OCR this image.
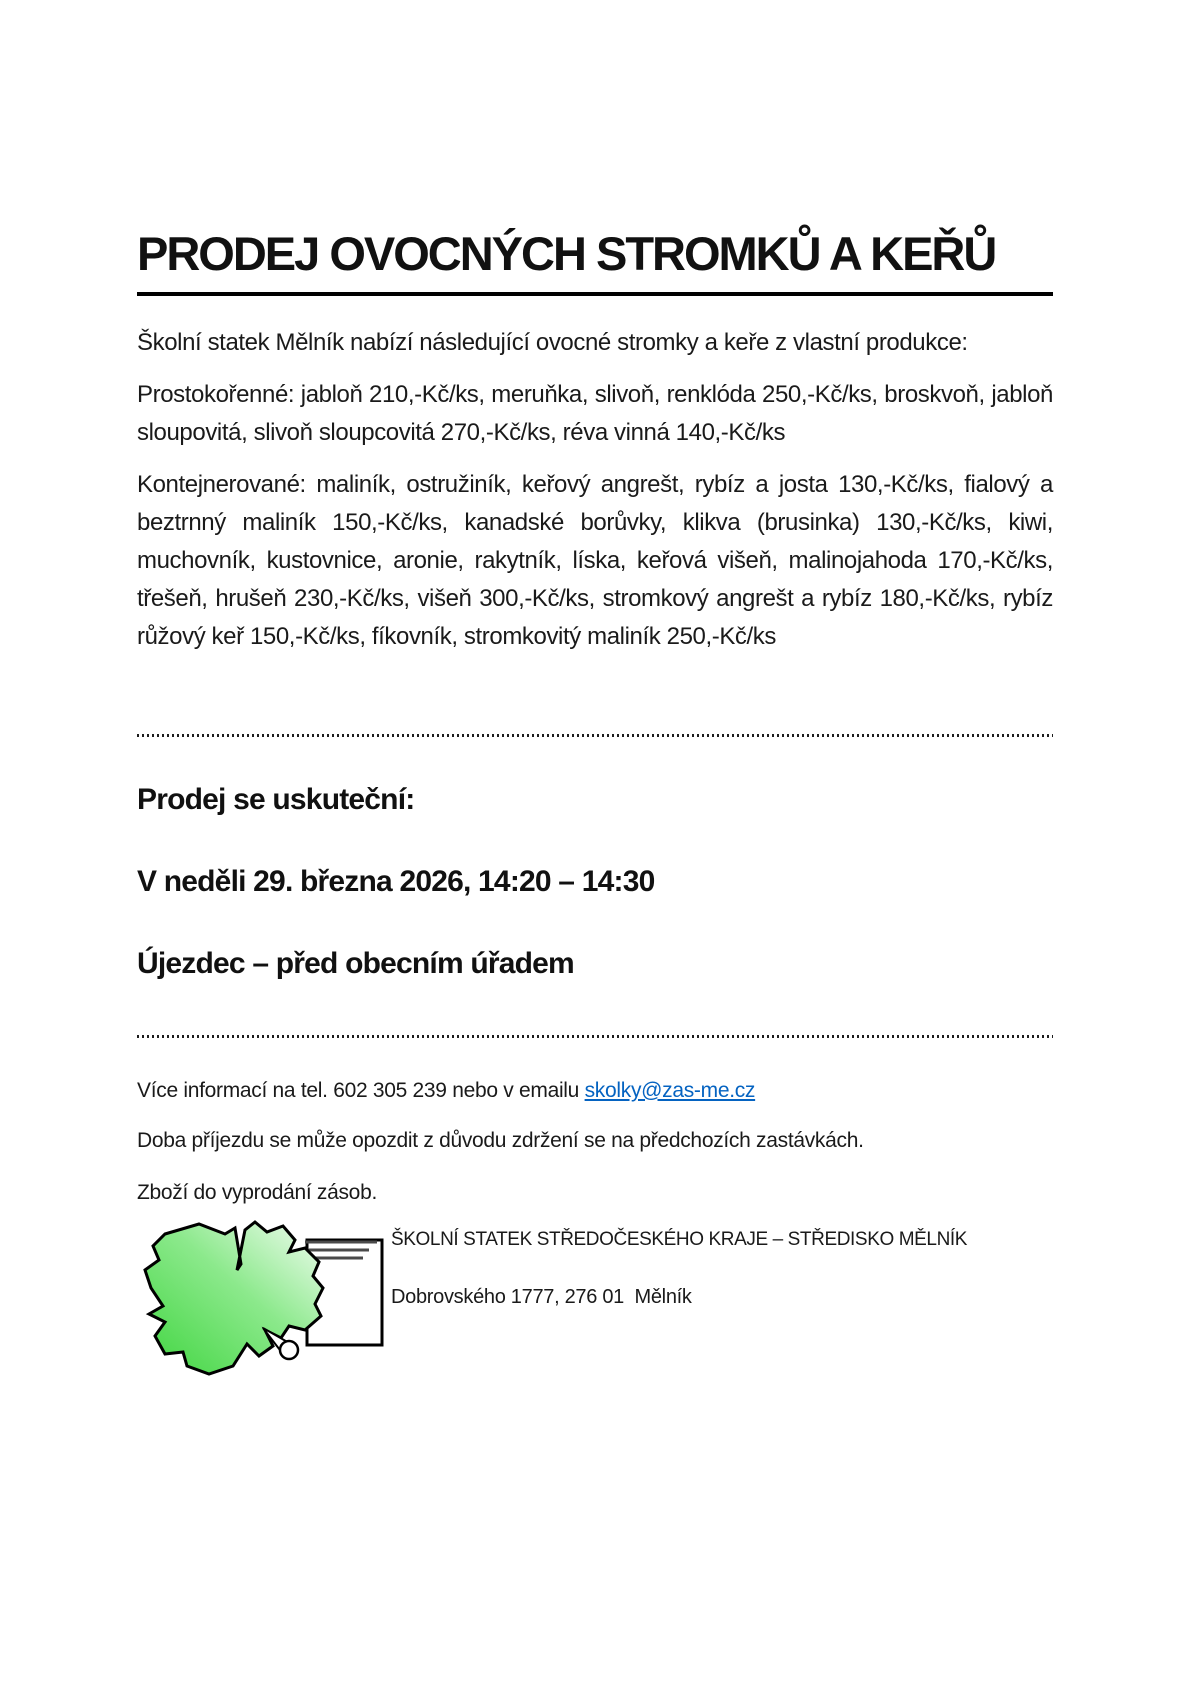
PRODEJ OVOCNÝCH STROMKŮ A KEŘŮ

Školní statek Mělník nabízí následující ovocné stromky a keře z vlastní produkce:

Prostokořenné: jabloň 210,-Kč/ks, meruňka, slivoň, renklóda 250,-Kč/ks, broskvoň, jabloň sloupovitá, slivoň sloupcovitá 270,-Kč/ks, réva vinná 140,-Kč/ks

Kontejnerované: maliník, ostružiník, keřový angrešt, rybíz a josta 130,-Kč/ks, fialový a beztrnný maliník 150,-Kč/ks, kanadské borůvky, klikva (brusinka) 130,-Kč/ks, kiwi, muchovník, kustovnice, aronie, rakytník, líska, keřová višeň, malinojahoda 170,-Kč/ks, třešeň, hrušeň 230,-Kč/ks, višeň 300,-Kč/ks, stromkový angrešt a rybíz 180,-Kč/ks, rybíz růžový keř 150,-Kč/ks, fíkovník, stromkovitý maliník 250,-Kč/ks

Prodej se uskuteční:
V neděli 29. března 2026, 14:20 – 14:30
Újezdec – před obecním úřadem

Více informací na tel. 602 305 239 nebo v emailu skolky@zas-me.cz

Doba příjezdu se může opozdit z důvodu zdržení se na předchozích zastávkách.

Zboží do vyprodání zásob.

ŠKOLNÍ STATEK STŘEDOČESKÉHO KRAJE – STŘEDISKO MĚLNÍK

Dobrovského 1777, 276 01  Mělník
